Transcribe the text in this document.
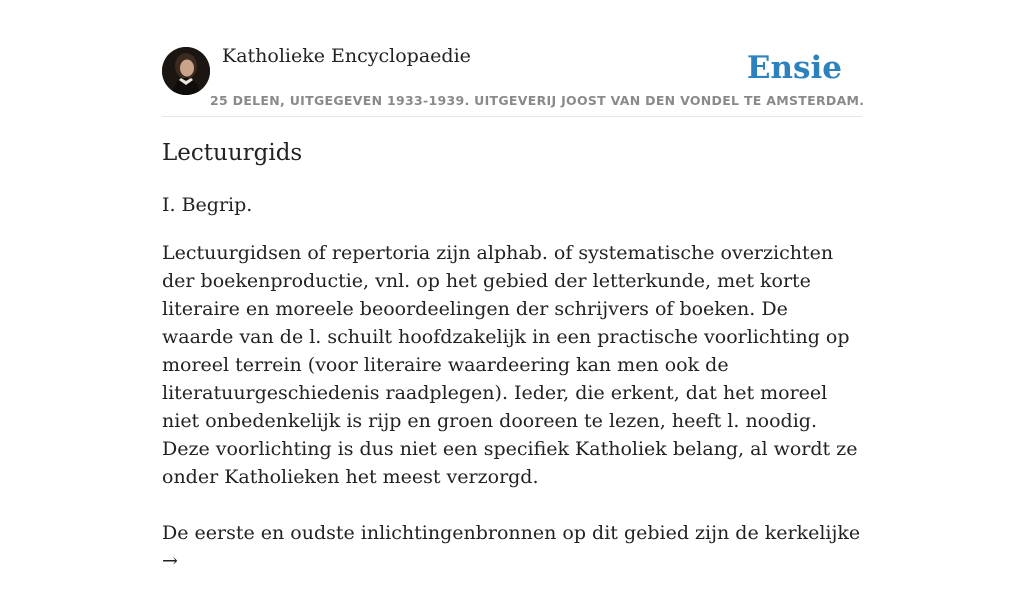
Katholieke Encyclopaedie
25 DELEN, UITGEGEVEN 1933-1939. UITGEVERIJ JOOST VAN DEN VONDEL TE AMSTERDAM.
Ensie
Lectuurgids
I. Begrip.

Lectuurgidsen of repertoria zijn alphab. of systematische overzichten der boekenproductie, vnl. op het gebied der letterkunde, met korte literaire en moreele beoordeelingen der schrijvers of boeken. De waarde van de l. schuilt hoofdzakelijk in een practische voorlichting op moreel terrein (voor literaire waardeering kan men ook de literatuurgeschiedenis raadplegen). Ieder, die erkent, dat het moreel niet onbedenkelijk is rijp en groen dooreen te lezen, heeft l. noodig. Deze voorlichting is dus niet een specifiek Katholiek belang, al wordt ze onder Katholieken het meest verzorgd.

De eerste en oudste inlichtingenbronnen op dit gebied zijn de kerkelijke →
